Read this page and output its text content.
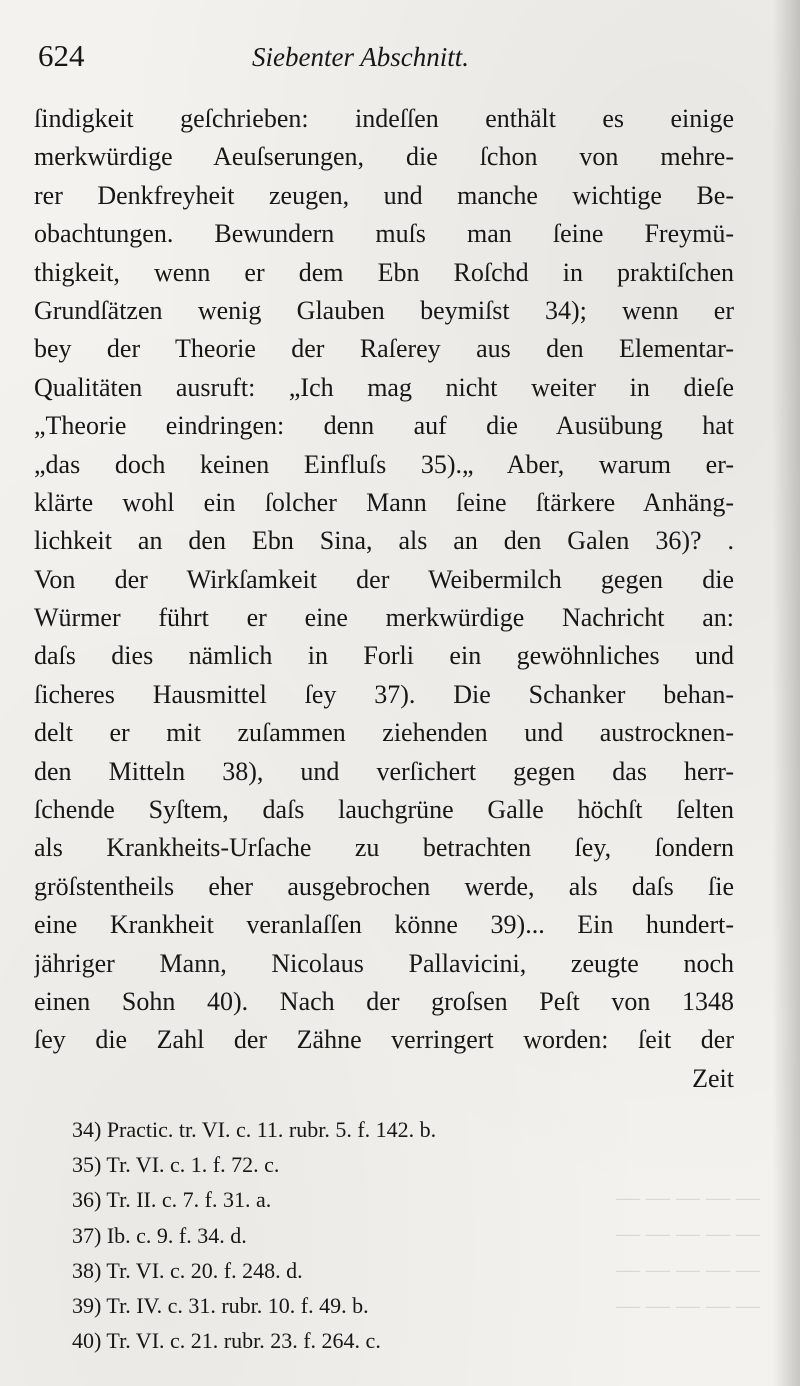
— — — — —
— — — — —
— — — — —
— — — — —
624	Siebenter Abschnitt.
ſindigkeit geſchrieben: indeſſen enthält es einige
merkwürdige Aeuſserungen, die ſchon von mehre-
rer Denkfreyheit zeugen, und manche wichtige Be-
obachtungen. Bewundern muſs man ſeine Freymü-
thigkeit, wenn er dem Ebn Roſchd in praktiſchen
Grundſätzen wenig Glauben beymiſst 34); wenn er
bey der Theorie der Raſerey aus den Elementar-
Qualitäten ausruft: „Ich mag nicht weiter in dieſe
„Theorie eindringen: denn auf die Ausübung hat
„das doch keinen Einfluſs 35).„ Aber, warum er-
klärte wohl ein ſolcher Mann ſeine ſtärkere Anhäng-
lichkeit an den Ebn Sina, als an den Galen 36)? .
Von der Wirkſamkeit der Weibermilch gegen die
Würmer führt er eine merkwürdige Nachricht an:
daſs dies nämlich in Forli ein gewöhnliches und
ſicheres Hausmittel ſey 37). Die Schanker behan-
delt er mit zuſammen ziehenden und austrocknen-
den Mitteln 38), und verſichert gegen das herr-
ſchende Syſtem, daſs lauchgrüne Galle höchſt ſelten
als Krankheits-Urſache zu betrachten ſey, ſondern
gröſstentheils eher ausgebrochen werde, als daſs ſie
eine Krankheit veranlaſſen könne 39)... Ein hundert-
jähriger Mann, Nicolaus Pallavicini, zeugte noch
einen Sohn 40). Nach der groſsen Peſt von 1348
ſey die Zahl der Zähne verringert worden: ſeit der
Zeit
34) Practic. tr. VI. c. 11. rubr. 5. f. 142. b.
35) Tr. VI. c. 1. f. 72. c.
36) Tr. II. c. 7. f. 31. a.
37) Ib. c. 9. f. 34. d.
38) Tr. VI. c. 20. f. 248. d.
39) Tr. IV. c. 31. rubr. 10. f. 49. b.
40) Tr. VI. c. 21. rubr. 23. f. 264. c.
